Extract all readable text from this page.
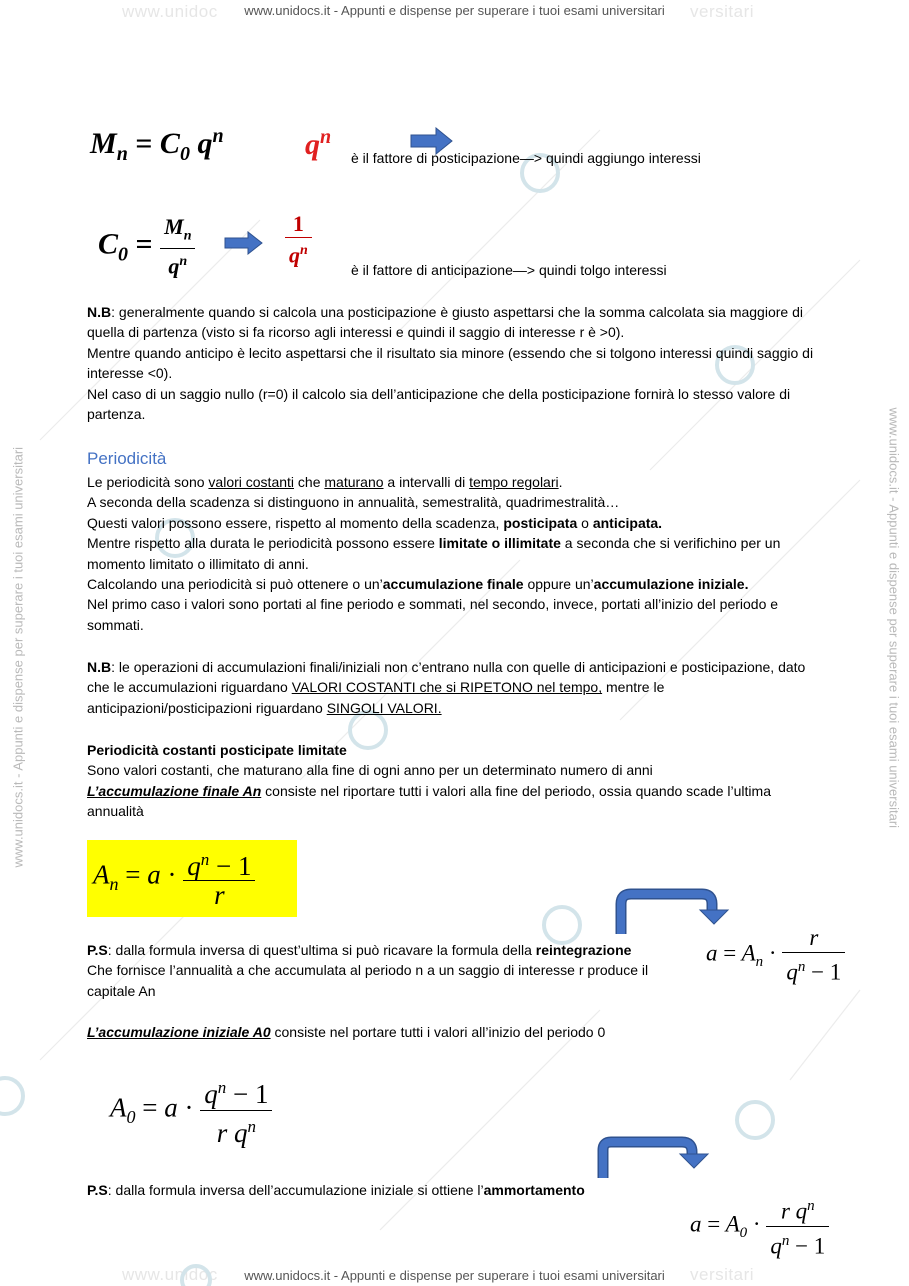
www.unidoc	versitari
www.unidocs.it - Appunti e dispense per superare i tuoi esami universitari
www.unidoc	versitari
www.unidocs.it - Appunti e dispense per superare i tuoi esami universitari
www.unidocs.it - Appunti e dispense per superare i tuoi esami universitari	www.unidocs.it - Appunti e dispense per superare i tuoi esami universitari
$M_n = C_0$ $q^n$	$q^n$
è il fattore di posticipazione—> quindi aggiungo interessi
$C_0 = \frac{M_n}{q^n}$	$\frac{1}{q^n}$
è il fattore di anticipazione—> quindi tolgo interessi

N.B: generalmente quando si calcola una posticipazione è giusto aspettarsi che la somma calcolata sia maggiore di quella di partenza (visto si fa ricorso agli interessi e quindi il saggio di interesse r è >0).

Mentre quando anticipo è lecito aspettarsi che il risultato sia minore (essendo che si tolgono interessi quindi saggio di interesse <0).

Nel caso di un saggio nullo (r=0) il calcolo sia dell’anticipazione che della posticipazione fornirà lo stesso valore di partenza.

Periodicità

Le periodicità sono valori costanti che maturano a intervalli di tempo regolari.

A seconda della scadenza si distinguono in annualità, semestralità, quadrimestralità…

Questi valori possono essere, rispetto al momento della scadenza, posticipata o anticipata.

Mentre rispetto alla durata le periodicità possono essere limitate o illimitate a seconda che si verifichino per un momento limitato o illimitato di anni.

Calcolando una periodicità si può ottenere o un’accumulazione finale oppure un’accumulazione iniziale.

Nel primo caso i valori sono portati al fine periodo e sommati, nel secondo, invece, portati all’inizio del periodo e sommati.

N.B: le operazioni di accumulazioni finali/iniziali non c’entrano nulla con quelle di anticipazioni e posticipazione, dato che le accumulazioni riguardano VALORI COSTANTI che si RIPETONO nel tempo, mentre le anticipazioni/posticipazioni riguardano SINGOLI VALORI.

Periodicità costanti posticipate limitate

Sono valori costanti, che maturano alla fine di ogni anno per un determinato numero di anni

L’accumulazione finale An consiste nel riportare tutti i valori alla fine del periodo, ossia quando scade l’ultima annualità

$A_n = a \cdot \frac{q^n - 1}{r}$

P.S: dalla formula inversa di quest’ultima si può ricavare la formula della reintegrazione

Che fornisce l’annualità a che accumulata al periodo n a un saggio di interesse r produce il capitale An

$a = A_n \cdot \frac{r}{q^n - 1}$

L’accumulazione iniziale A0 consiste nel portare tutti i valori all’inizio del periodo 0

$A_0 = a \cdot \frac{q^n - 1}{r q^n}$

P.S: dalla formula inversa dell’accumulazione iniziale si ottiene l’ammortamento

$a = A_0 \cdot \frac{r q^n}{q^n - 1}$
